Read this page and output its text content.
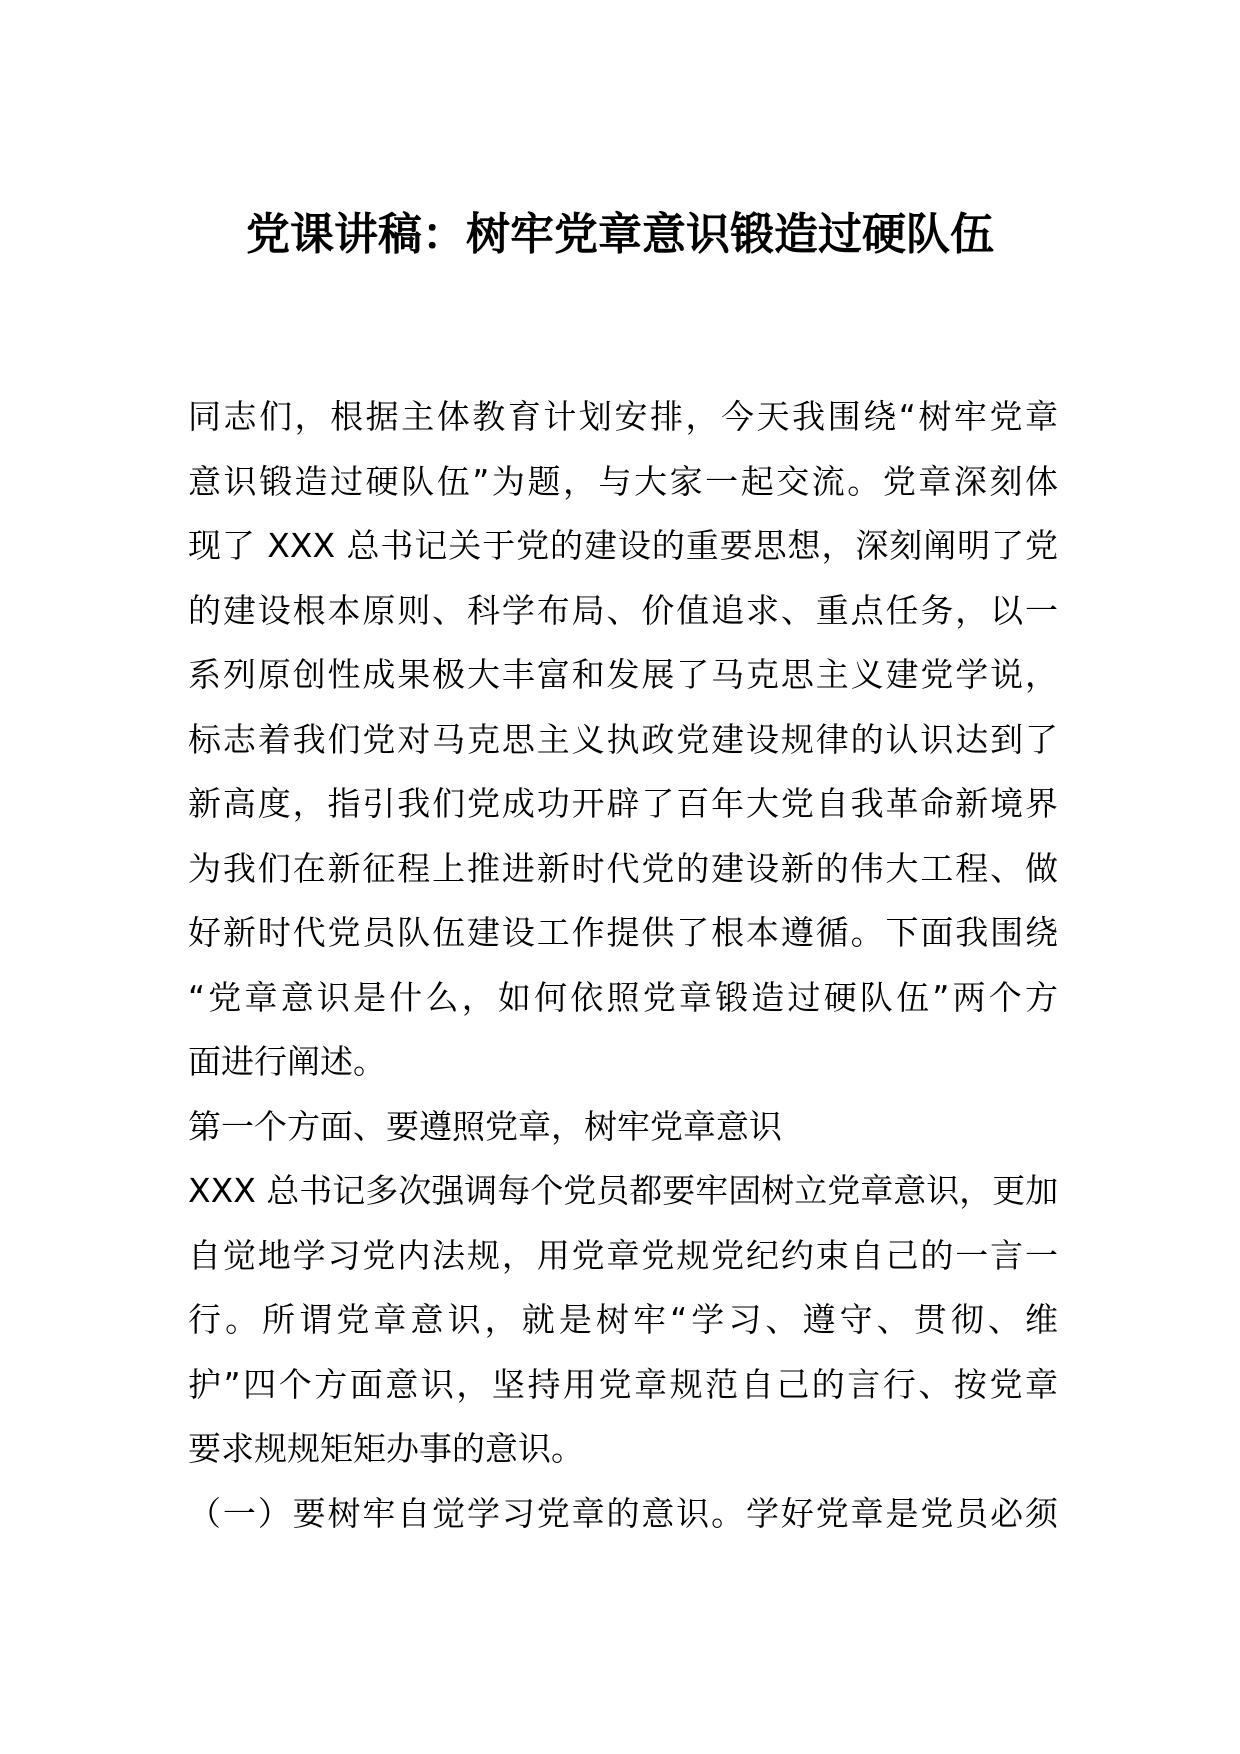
党课讲稿：树牢党章意识锻造过硬队伍
同志们，根据主体教育计划安排，今天我围绕“树牢党章
意识锻造过硬队伍”为题，与大家一起交流。党章深刻体
现了 XXX 总书记关于党的建设的重要思想，深刻阐明了党
的建设根本原则、科学布局、价值追求、重点任务，以一
系列原创性成果极大丰富和发展了马克思主义建党学说，
标志着我们党对马克思主义执政党建设规律的认识达到了
新高度，指引我们党成功开辟了百年大党自我革命新境界
为我们在新征程上推进新时代党的建设新的伟大工程、做
好新时代党员队伍建设工作提供了根本遵循。下面我围绕
“党章意识是什么，如何依照党章锻造过硬队伍”两个方
面进行阐述。
第一个方面、要遵照党章，树牢党章意识
XXX 总书记多次强调每个党员都要牢固树立党章意识，更加
自觉地学习党内法规，用党章党规党纪约束自己的一言一
行。所谓党章意识，就是树牢“学习、遵守、贯彻、维
护”四个方面意识，坚持用党章规范自己的言行、按党章
要求规规矩矩办事的意识。
（一）要树牢自觉学习党章的意识。学好党章是党员必须
